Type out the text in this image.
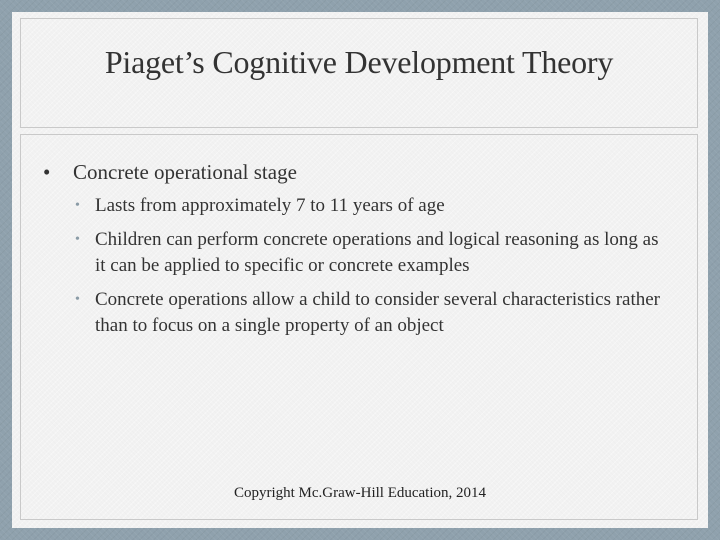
Piaget’s Cognitive Development Theory
• Concrete operational stage
• Lasts from approximately 7 to 11 years of age
• Children can perform concrete operations and logical reasoning as long as it can be applied to specific or concrete examples
• Concrete operations allow a child to consider several characteristics rather than to focus on a single property of an object
Copyright Mc.Graw-Hill Education, 2014
